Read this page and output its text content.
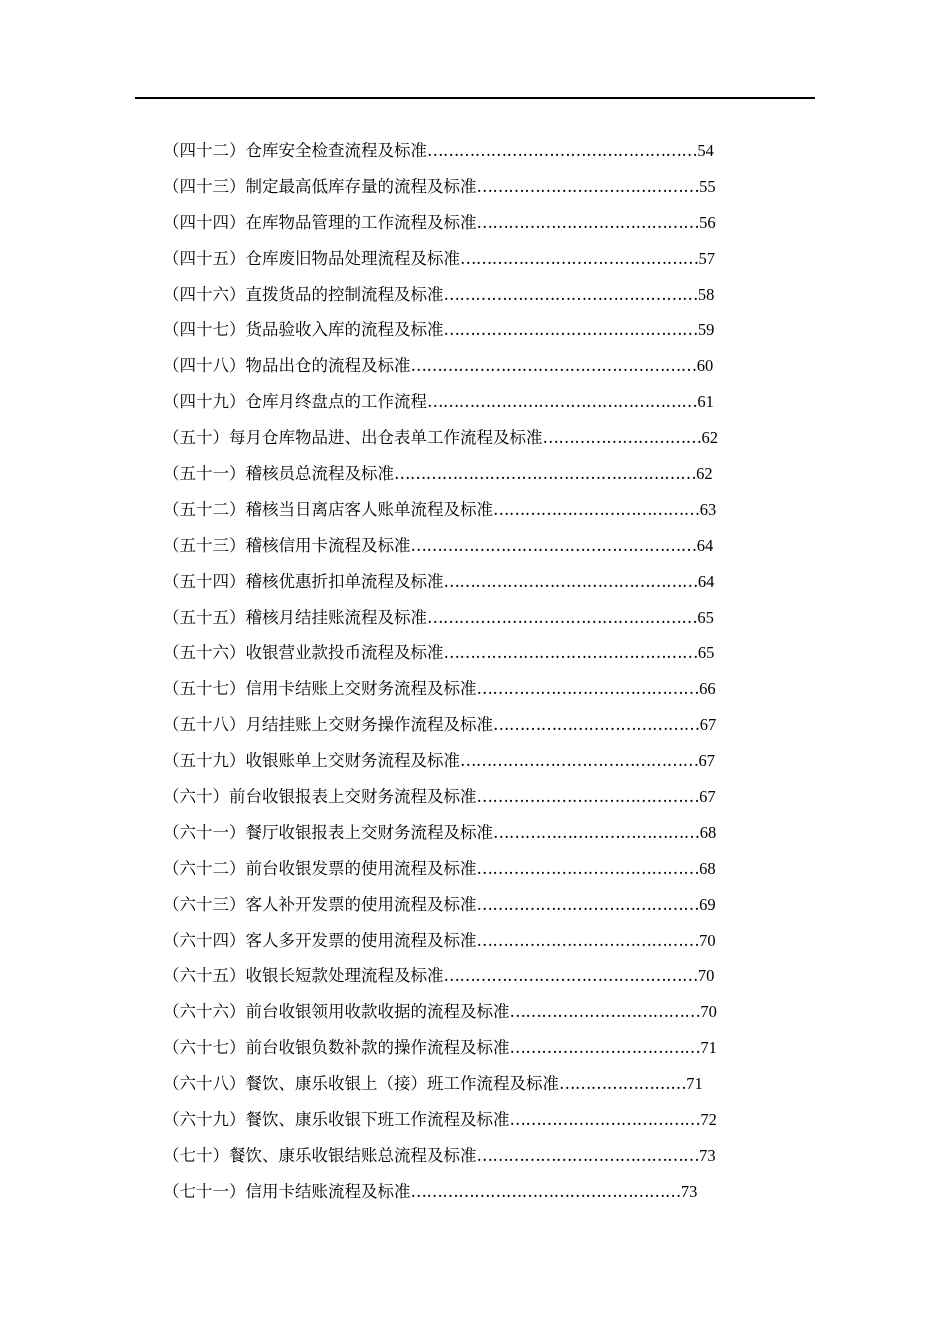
（四十二）仓库安全检查流程及标准 …………………………………………… 54
（四十三）制定最高低库存量的流程及标准 …………………………………… 55
（四十四）在库物品管理的工作流程及标准 …………………………………… 56
（四十五）仓库废旧物品处理流程及标准 ……………………………………… 57
（四十六）直拨货品的控制流程及标准 ………………………………………… 58
（四十七）货品验收入库的流程及标准 ………………………………………… 59
（四十八）物品出仓的流程及标准 ……………………………………………… 60
（四十九）仓库月终盘点的工作流程 …………………………………………… 61
（五十）每月仓库物品进、出仓表单工作流程及标准 ………………………… 62
（五十一）稽核员总流程及标准 ………………………………………………… 62
（五十二）稽核当日离店客人账单流程及标准 ………………………………… 63
（五十三）稽核信用卡流程及标准 ……………………………………………… 64
（五十四）稽核优惠折扣单流程及标准 ………………………………………… 64
（五十五）稽核月结挂账流程及标准 …………………………………………… 65
（五十六）收银营业款投币流程及标准 ………………………………………… 65
（五十七）信用卡结账上交财务流程及标准 …………………………………… 66
（五十八）月结挂账上交财务操作流程及标准 ………………………………… 67
（五十九）收银账单上交财务流程及标准 ……………………………………… 67
（六十）前台收银报表上交财务流程及标准 …………………………………… 67
（六十一）餐厅收银报表上交财务流程及标准 ………………………………… 68
（六十二）前台收银发票的使用流程及标准 …………………………………… 68
（六十三）客人补开发票的使用流程及标准 …………………………………… 69
（六十四）客人多开发票的使用流程及标准 …………………………………… 70
（六十五）收银长短款处理流程及标准 ………………………………………… 70
（六十六）前台收银领用收款收据的流程及标准 ……………………………… 70
（六十七）前台收银负数补款的操作流程及标准 ……………………………… 71
（六十八）餐饮、康乐收银上（接）班工作流程及标准 …………………… 71
（六十九）餐饮、康乐收银下班工作流程及标准 ……………………………… 72
（七十）餐饮、康乐收银结账总流程及标准 …………………………………… 73
（七十一）信用卡结账流程及标准 …………………………………………… 73
